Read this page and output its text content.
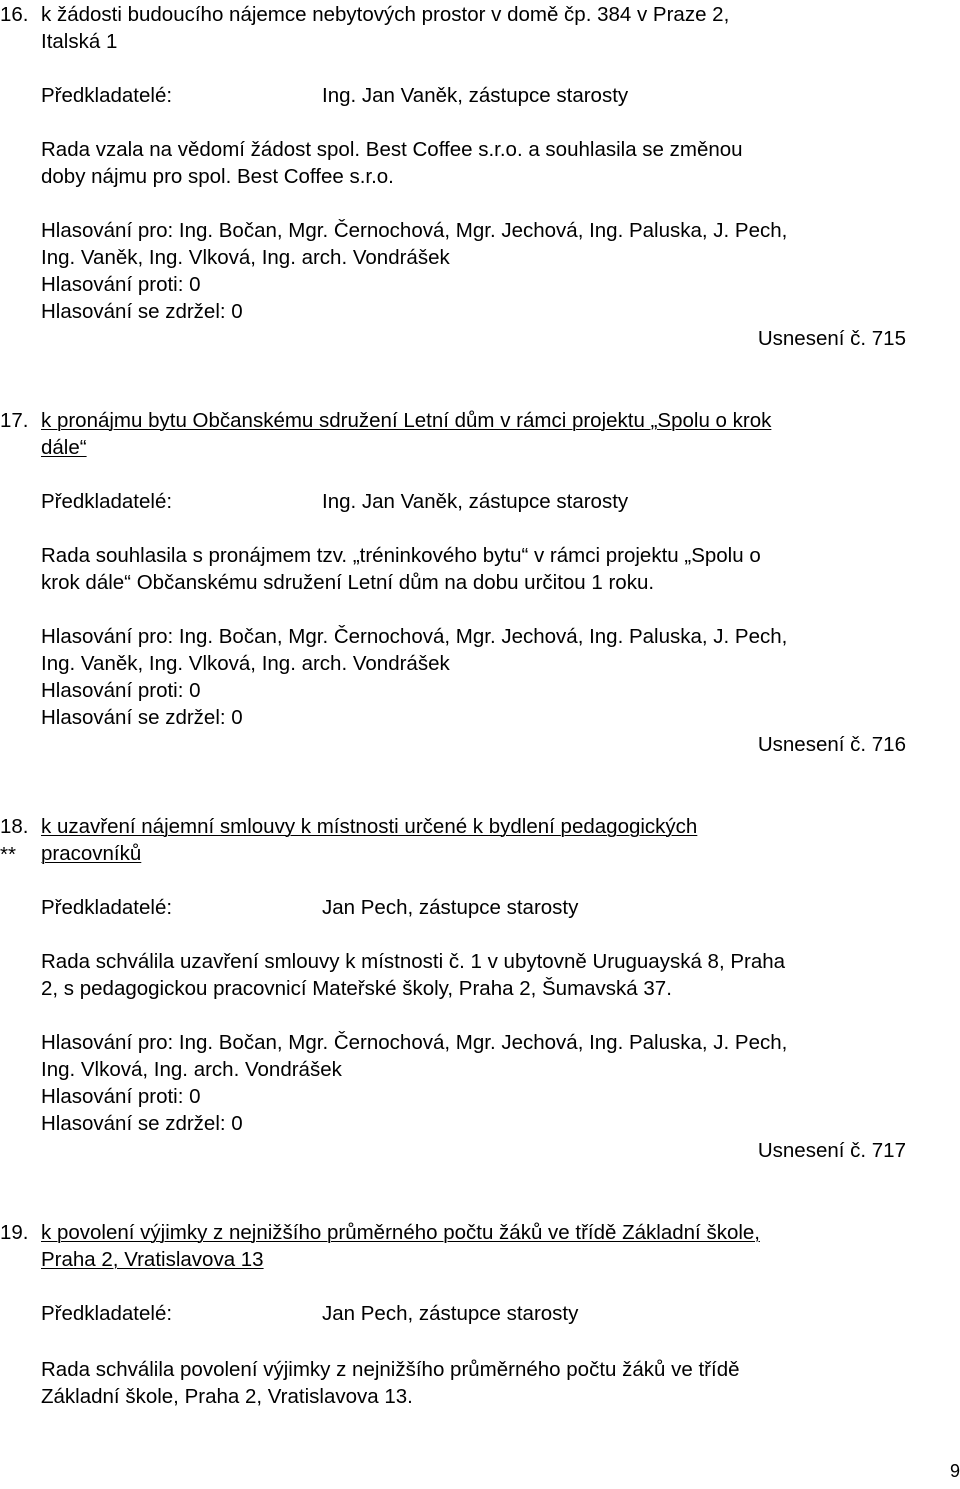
16. k žádosti budoucího nájemce nebytových prostor v domě čp. 384 v Praze 2,
Italská 1
Předkladatelé:	Ing. Jan Vaněk, zástupce starosty
Rada vzala na vědomí žádost spol. Best Coffee s.r.o. a souhlasila se změnou
doby nájmu pro spol. Best Coffee s.r.o.
Hlasování pro: Ing. Bočan, Mgr. Černochová, Mgr. Jechová, Ing. Paluska, J. Pech,
Ing. Vaněk, Ing. Vlková, Ing. arch. Vondrášek
Hlasování proti: 0
Hlasování se zdržel: 0
Usnesení č. 715
17. k pronájmu bytu Občanskému sdružení Letní dům v rámci projektu „Spolu o krok
dále“
Předkladatelé:	Ing. Jan Vaněk, zástupce starosty
Rada souhlasila s pronájmem tzv. „tréninkového bytu“ v rámci projektu „Spolu o
krok dále“ Občanskému sdružení Letní dům na dobu určitou 1 roku.
Hlasování pro: Ing. Bočan, Mgr. Černochová, Mgr. Jechová, Ing. Paluska, J. Pech,
Ing. Vaněk, Ing. Vlková, Ing. arch. Vondrášek
Hlasování proti: 0
Hlasování se zdržel: 0
Usnesení č. 716
18.
**
k uzavření nájemní smlouvy k místnosti určené k bydlení pedagogických
pracovníků
Předkladatelé:	Jan Pech, zástupce starosty
Rada schválila uzavření smlouvy k místnosti č. 1 v ubytovně Uruguayská 8, Praha
2, s pedagogickou pracovnicí Mateřské školy, Praha 2, Šumavská 37.
Hlasování pro: Ing. Bočan, Mgr. Černochová, Mgr. Jechová, Ing. Paluska, J. Pech,
Ing. Vlková, Ing. arch. Vondrášek
Hlasování proti: 0
Hlasování se zdržel: 0
Usnesení č. 717
19. k povolení výjimky z nejnižšího průměrného počtu žáků ve třídě Základní škole,
Praha 2, Vratislavova 13
Předkladatelé:	Jan Pech, zástupce starosty
Rada schválila povolení výjimky z nejnižšího průměrného počtu žáků ve třídě
Základní škole, Praha 2, Vratislavova 13.
9
